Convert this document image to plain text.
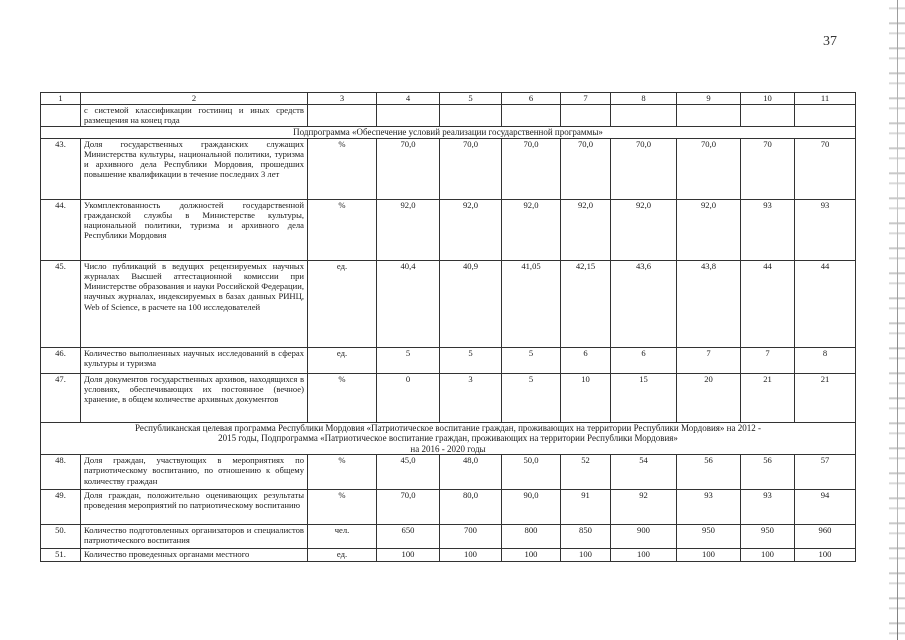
37
1	2	3	4	5	6	7	8	9	10	11
	с системой классификации гостиниц и иных средств размещения на конец года									
Подпрограмма «Обеспечение условий реализации государственной программы»										
43.	Доля государственных гражданских служащих Министерства культуры, национальной политики, туризма и архивного дела Республики Мордовия, прошедших повышение квалификации в течение последних 3 лет	%	70,0	70,0	70,0	70,0	70,0	70,0	70	70
44.	Укомплектованность должностей государственной гражданской службы в Министерстве культуры, национальной политики, туризма и архивного дела Республики Мордовия	%	92,0	92,0	92,0	92,0	92,0	92,0	93	93
45.	Число публикаций в ведущих рецензируемых научных журналах Высшей аттестационной комиссии при Министерстве образования и науки Российской Федерации, научных журналах, индексируемых в базах данных РИНЦ, Web of Science, в расчете на 100 исследователей	ед.	40,4	40,9	41,05	42,15	43,6	43,8	44	44
46.	Количество выполненных научных исследований в сферах культуры и туризма	ед.	5	5	5	6	6	7	7	8
47.	Доля документов государственных архивов, находящихся в условиях, обеспечивающих их постоянное (вечное) хранение, в общем количестве архивных документов	%	0	3	5	10	15	20	21	21

Республиканская целевая программа Республики Мордовия «Патриотическое воспитание граждан, проживающих на территории Республики Мордовия» на 2012 -
2015 годы, Подпрограмма «Патриотическое воспитание граждан, проживающих на территории Республики Мордовия»
на 2016 - 2020 годы										

48.	Доля граждан, участвующих в мероприятиях по патриотическому воспитанию, по отношению к общему количеству граждан	%	45,0	48,0	50,0	52	54	56	56	57
49.	Доля граждан, положительно оценивающих результаты проведения мероприятий по патриотическому воспитанию	%	70,0	80,0	90,0	91	92	93	93	94
50.	Количество подготовленных организаторов и специалистов патриотического воспитания	чел.	650	700	800	850	900	950	950	960
51.	Количество проведенных органами местного	ед.	100	100	100	100	100	100	100	100
